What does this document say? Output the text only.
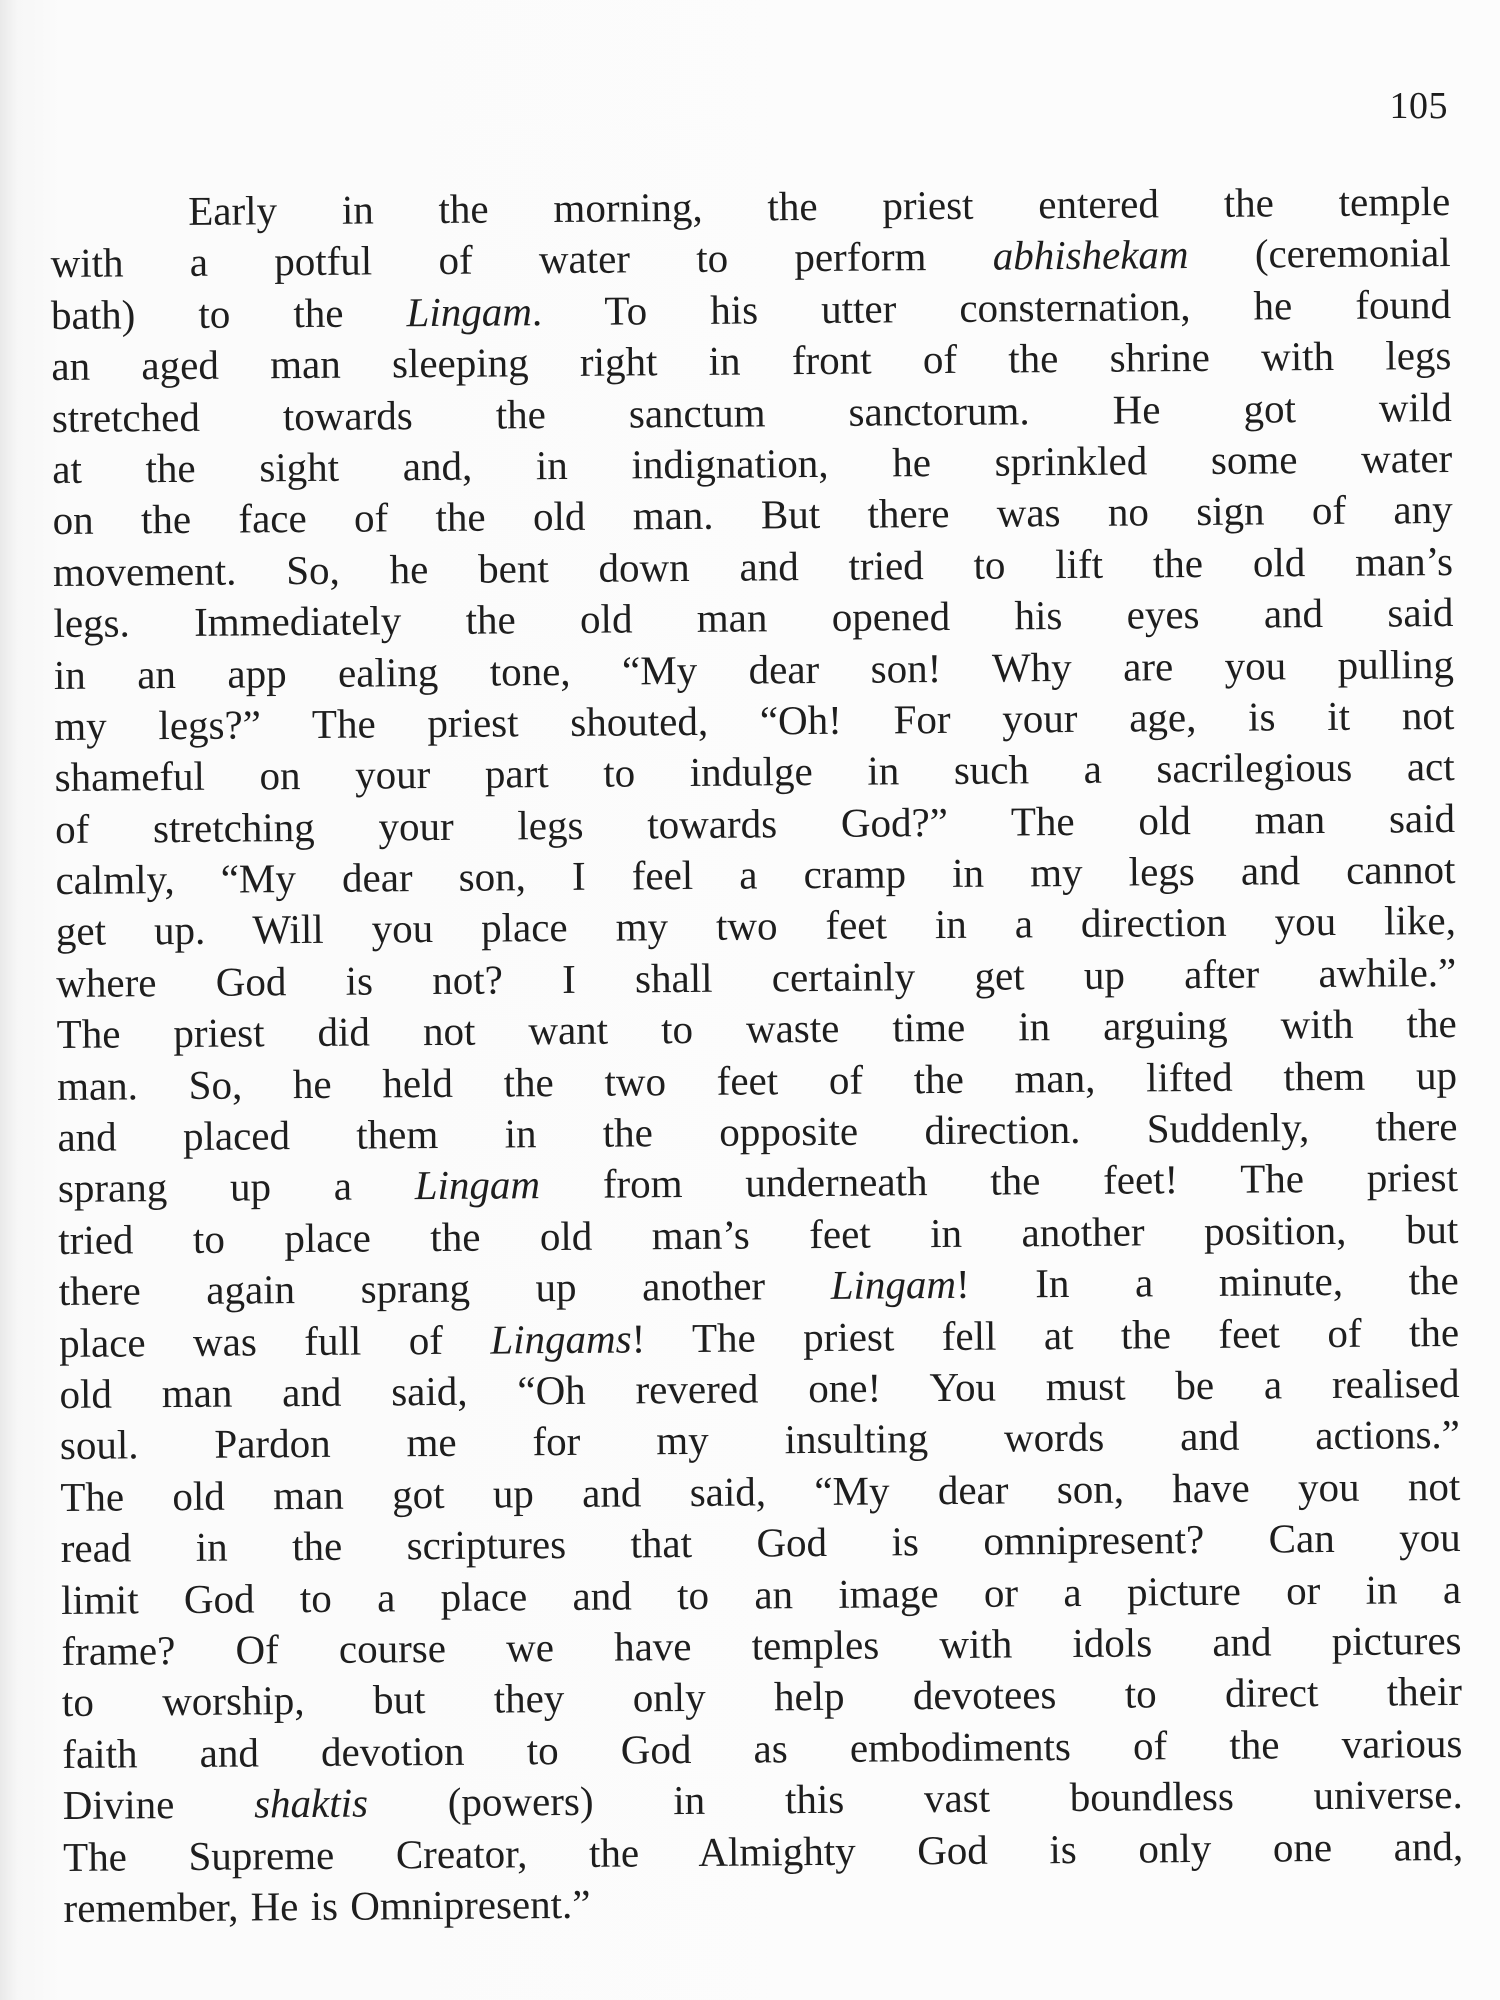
105
Early in the morning, the priest entered the temple
with a potful of water to perform abhishekam (ceremonial
bath) to the Lingam. To his utter consternation, he found
an aged man sleeping right in front of the shrine with legs
stretched towards the sanctum sanctorum. He got wild
at the sight and, in indignation, he sprinkled some water
on the face of the old man. But there was no sign of any
movement. So, he bent down and tried to lift the old man’s
legs. Immediately the old man opened his eyes and said
in an app ealing tone, “My dear son! Why are you pulling
my legs?” The priest shouted, “Oh! For your age, is it not
shameful on your part to indulge in such a sacrilegious act
of stretching your legs towards God?” The old man said
calmly, “My dear son, I feel a cramp in my legs and cannot
get up. Will you place my two feet in a direction you like,
where God is not? I shall certainly get up after awhile.”
The priest did not want to waste time in arguing with the
man. So, he held the two feet of the man, lifted them up
and placed them in the opposite direction. Suddenly, there
sprang up a Lingam from underneath the feet! The priest
tried to place the old man’s feet in another position, but
there again sprang up another Lingam! In a minute, the
place was full of Lingams! The priest fell at the feet of the
old man and said, “Oh revered one! You must be a realised
soul. Pardon me for my insulting words and actions.”
The old man got up and said, “My dear son, have you not
read in the scriptures that God is omnipresent? Can you
limit God to a place and to an image or a picture or in a
frame? Of course we have temples with idols and pictures
to worship, but they only help devotees to direct their
faith and devotion to God as embodiments of the various
Divine shaktis (powers) in this vast boundless universe.
The Supreme Creator, the Almighty God is only one and,
remember, He is Omnipresent.”
